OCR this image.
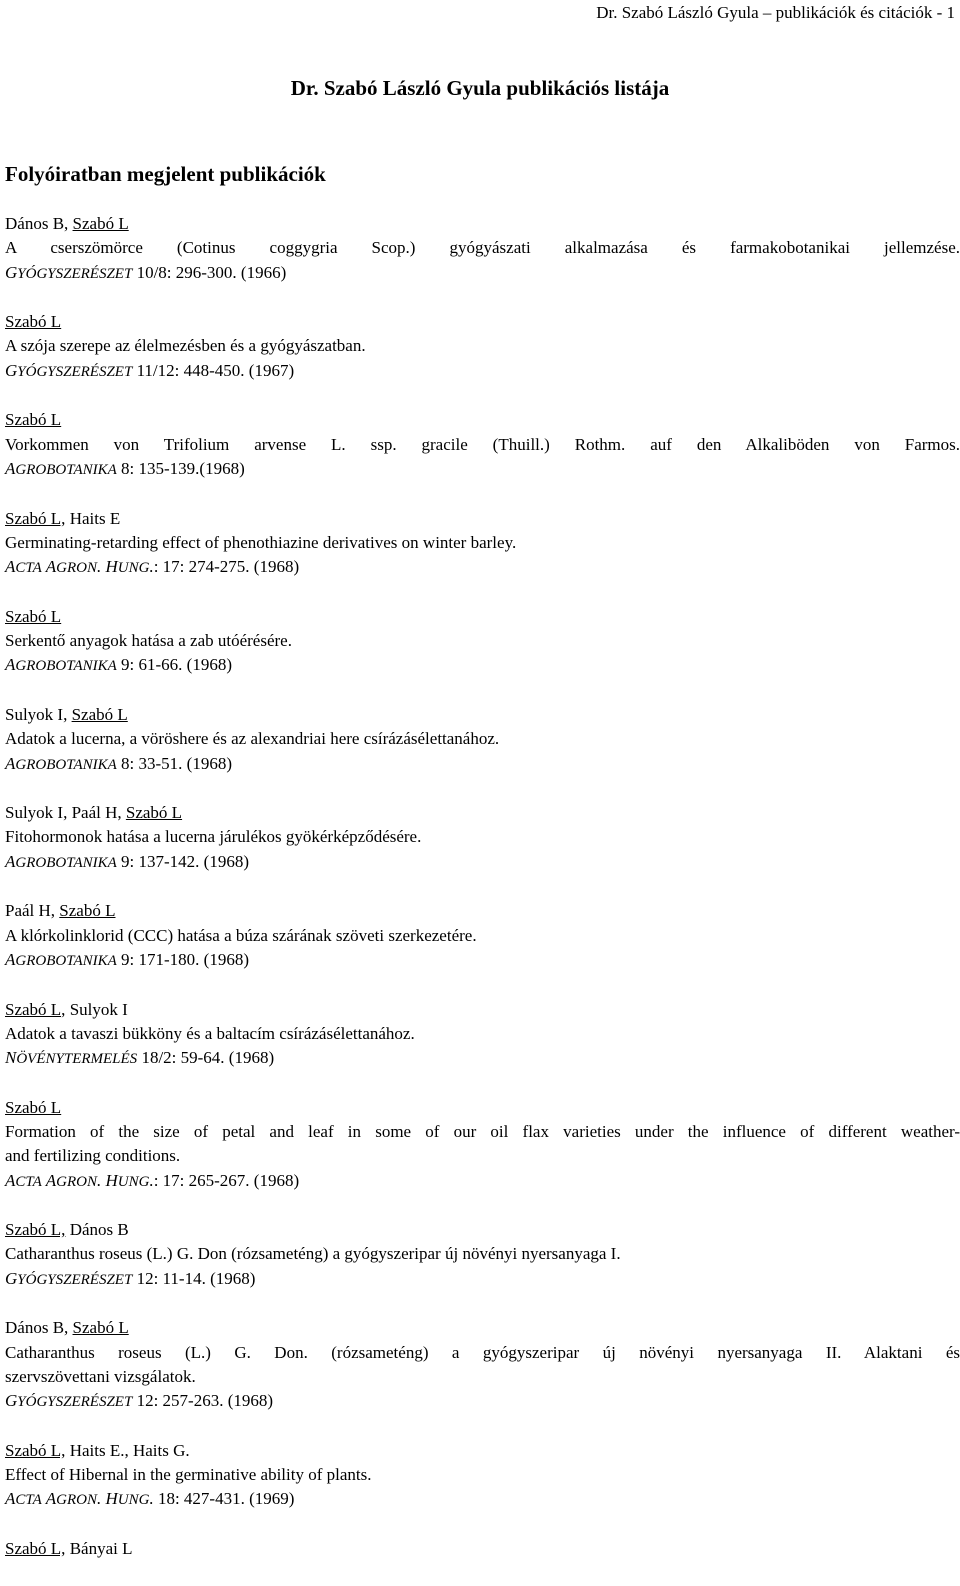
Dr. Szabó László Gyula – publikációk és citációk - 1
Dr. Szabó László Gyula publikációs listája
Folyóiratban megjelent publikációk
Dános B, Szabó L
A cserszömörce (Cotinus coggygria Scop.) gyógyászati alkalmazása és farmakobotanikai jellemzése.
GYÓGYSZERÉSZET 10/8: 296-300. (1966)
Szabó L
A szója szerepe az élelmezésben és a gyógyászatban.
GYÓGYSZERÉSZET 11/12: 448-450. (1967)
Szabó L
Vorkommen von Trifolium arvense L. ssp. gracile (Thuill.) Rothm. auf den Alkaliböden von Farmos.
AGROBOTANIKA 8: 135-139.(1968)
Szabó L, Haits E
Germinating-retarding effect of phenothiazine derivatives on winter barley.
ACTA AGRON. HUNG.: 17: 274-275. (1968)
Szabó L
Serkentő anyagok hatása a zab utóérésére.
AGROBOTANIKA 9: 61-66. (1968)
Sulyok I, Szabó L
Adatok a lucerna, a vöröshere és az alexandriai here csírázásélettanához.
AGROBOTANIKA 8: 33-51. (1968)
Sulyok I, Paál H, Szabó L
Fitohormonok hatása a lucerna járulékos gyökérképződésére.
AGROBOTANIKA 9: 137-142. (1968)
Paál H, Szabó L
A klórkolinklorid (CCC) hatása a búza szárának szöveti szerkezetére.
AGROBOTANIKA 9: 171-180. (1968)
Szabó L, Sulyok I
Adatok a tavaszi bükköny és a baltacím csírázásélettanához.
NÖVÉNYTERMELÉS 18/2: 59-64. (1968)
Szabó L
Formation of the size of petal and leaf in some of our oil flax varieties under the influence of different weather-
and fertilizing conditions.
ACTA AGRON. HUNG.: 17: 265-267. (1968)
Szabó L, Dános B
Catharanthus roseus (L.) G. Don (rózsameténg) a gyógyszeripar új növényi nyersanyaga I.
GYÓGYSZERÉSZET 12: 11-14. (1968)
Dános B, Szabó L
Catharanthus roseus (L.) G. Don. (rózsameténg) a gyógyszeripar új növényi nyersanyaga II. Alaktani és
szervszövettani vizsgálatok.
GYÓGYSZERÉSZET 12: 257-263. (1968)
Szabó L, Haits E., Haits G.
Effect of Hibernal in the germinative ability of plants.
ACTA AGRON. HUNG. 18: 427-431. (1969)
Szabó L, Bányai L
